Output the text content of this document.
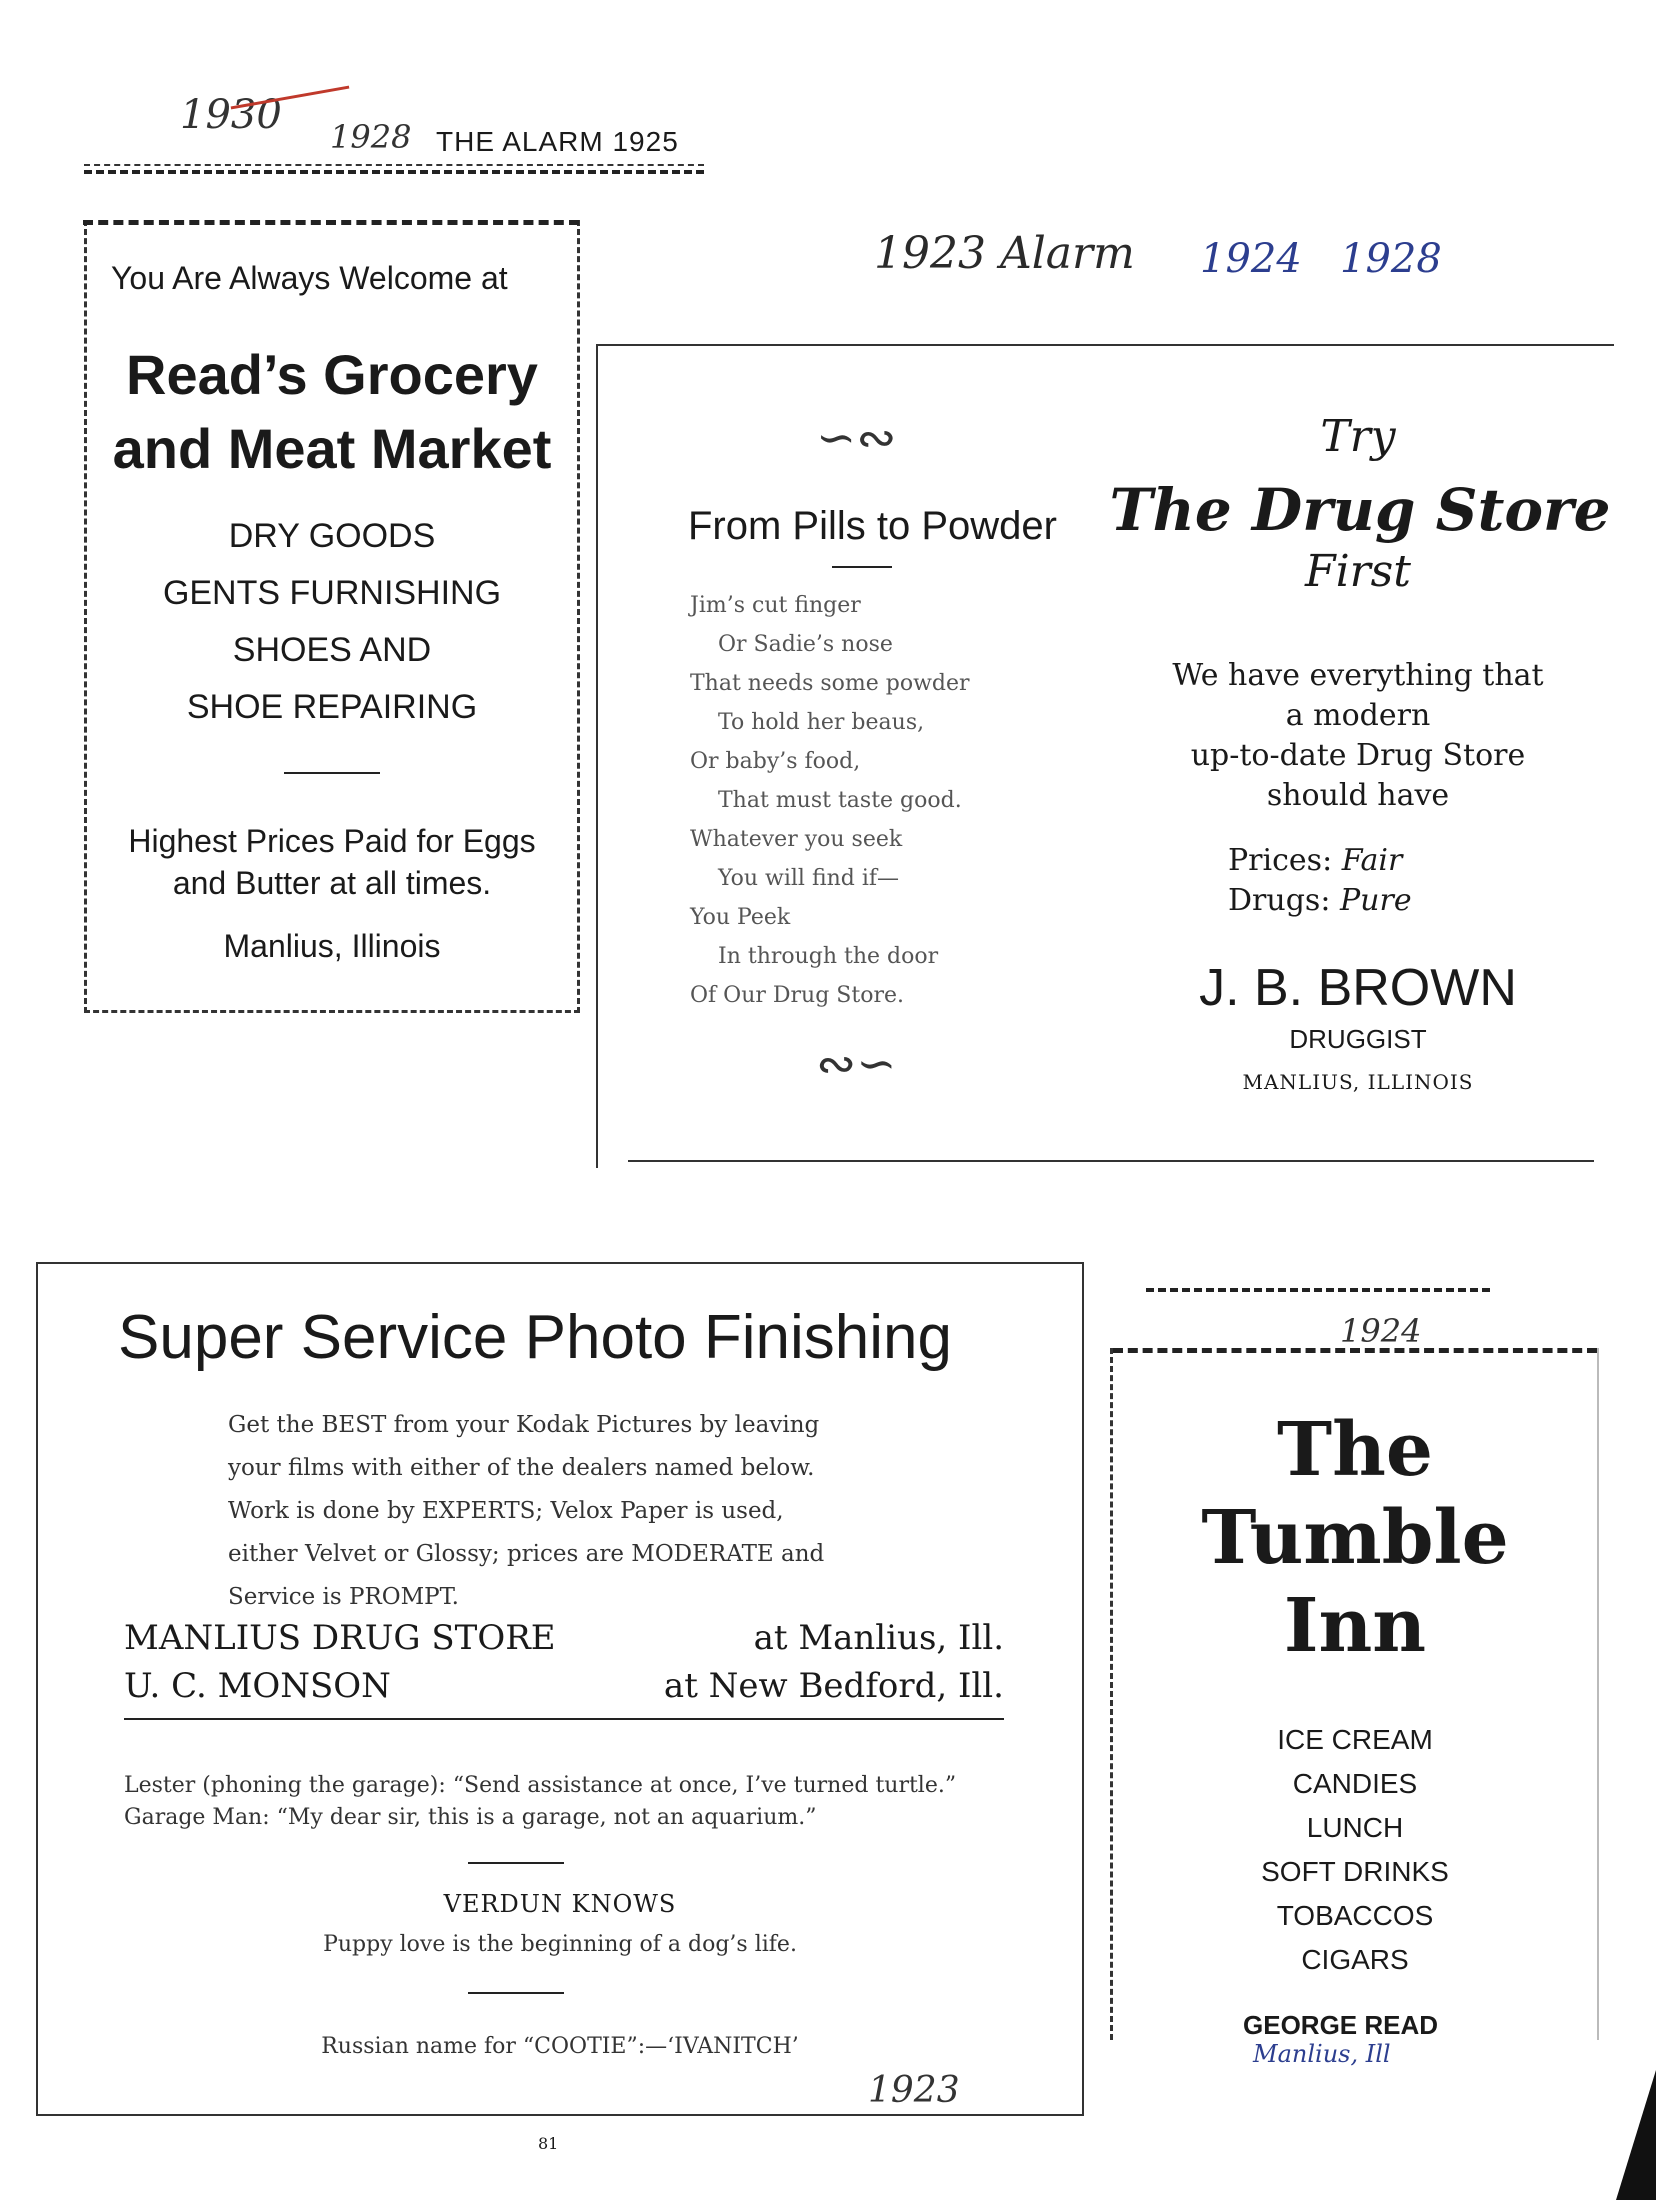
1930 1928 THE ALARM 1925
You Are Always Welcome at
Read’s Grocery
and Meat Market
DRY GOODS
GENTS FURNISHING
SHOES AND
SHOE REPAIRING
Highest Prices Paid for Eggs
and Butter at all times.
Manlius, Illinois
1923 Alarm 1924 1928
∽∾
From Pills to Powder
Jim’s cut finger
Or Sadie’s nose
That needs some powder
To hold her beaus,
Or baby’s food,
That must taste good.
Whatever you seek
You will find if—
You Peek
In through the door
Of Our Drug Store.
∾∽
Try
The Drug Store
First
We have everything that
a modern
up-to-date Drug Store
should have
Prices: Fair
Drugs: Pure
J. B. BROWN
DRUGGIST
MANLIUS, ILLINOIS
Super Service Photo Finishing
Get the BEST from your Kodak Pictures by leaving
your films with either of the dealers named below.
Work is done by EXPERTS; Velox Paper is used,
either Velvet or Glossy; prices are MODERATE and
Service is PROMPT.
MANLIUS DRUG STORE	at Manlius, Ill.
U. C. MONSON	at New Bedford, Ill.
Lester (phoning the garage): “Send assistance at once, I’ve turned turtle.”
Garage Man: “My dear sir, this is a garage, not an aquarium.”
VERDUN KNOWS
Puppy love is the beginning of a dog’s life.
Russian name for “COOTIE”:—‘IVANITCH’
1923
1924
The
Tumble
Inn
ICE CREAM
CANDIES
LUNCH
SOFT DRINKS
TOBACCOS
CIGARS
GEORGE READ
Manlius, Ill
81
